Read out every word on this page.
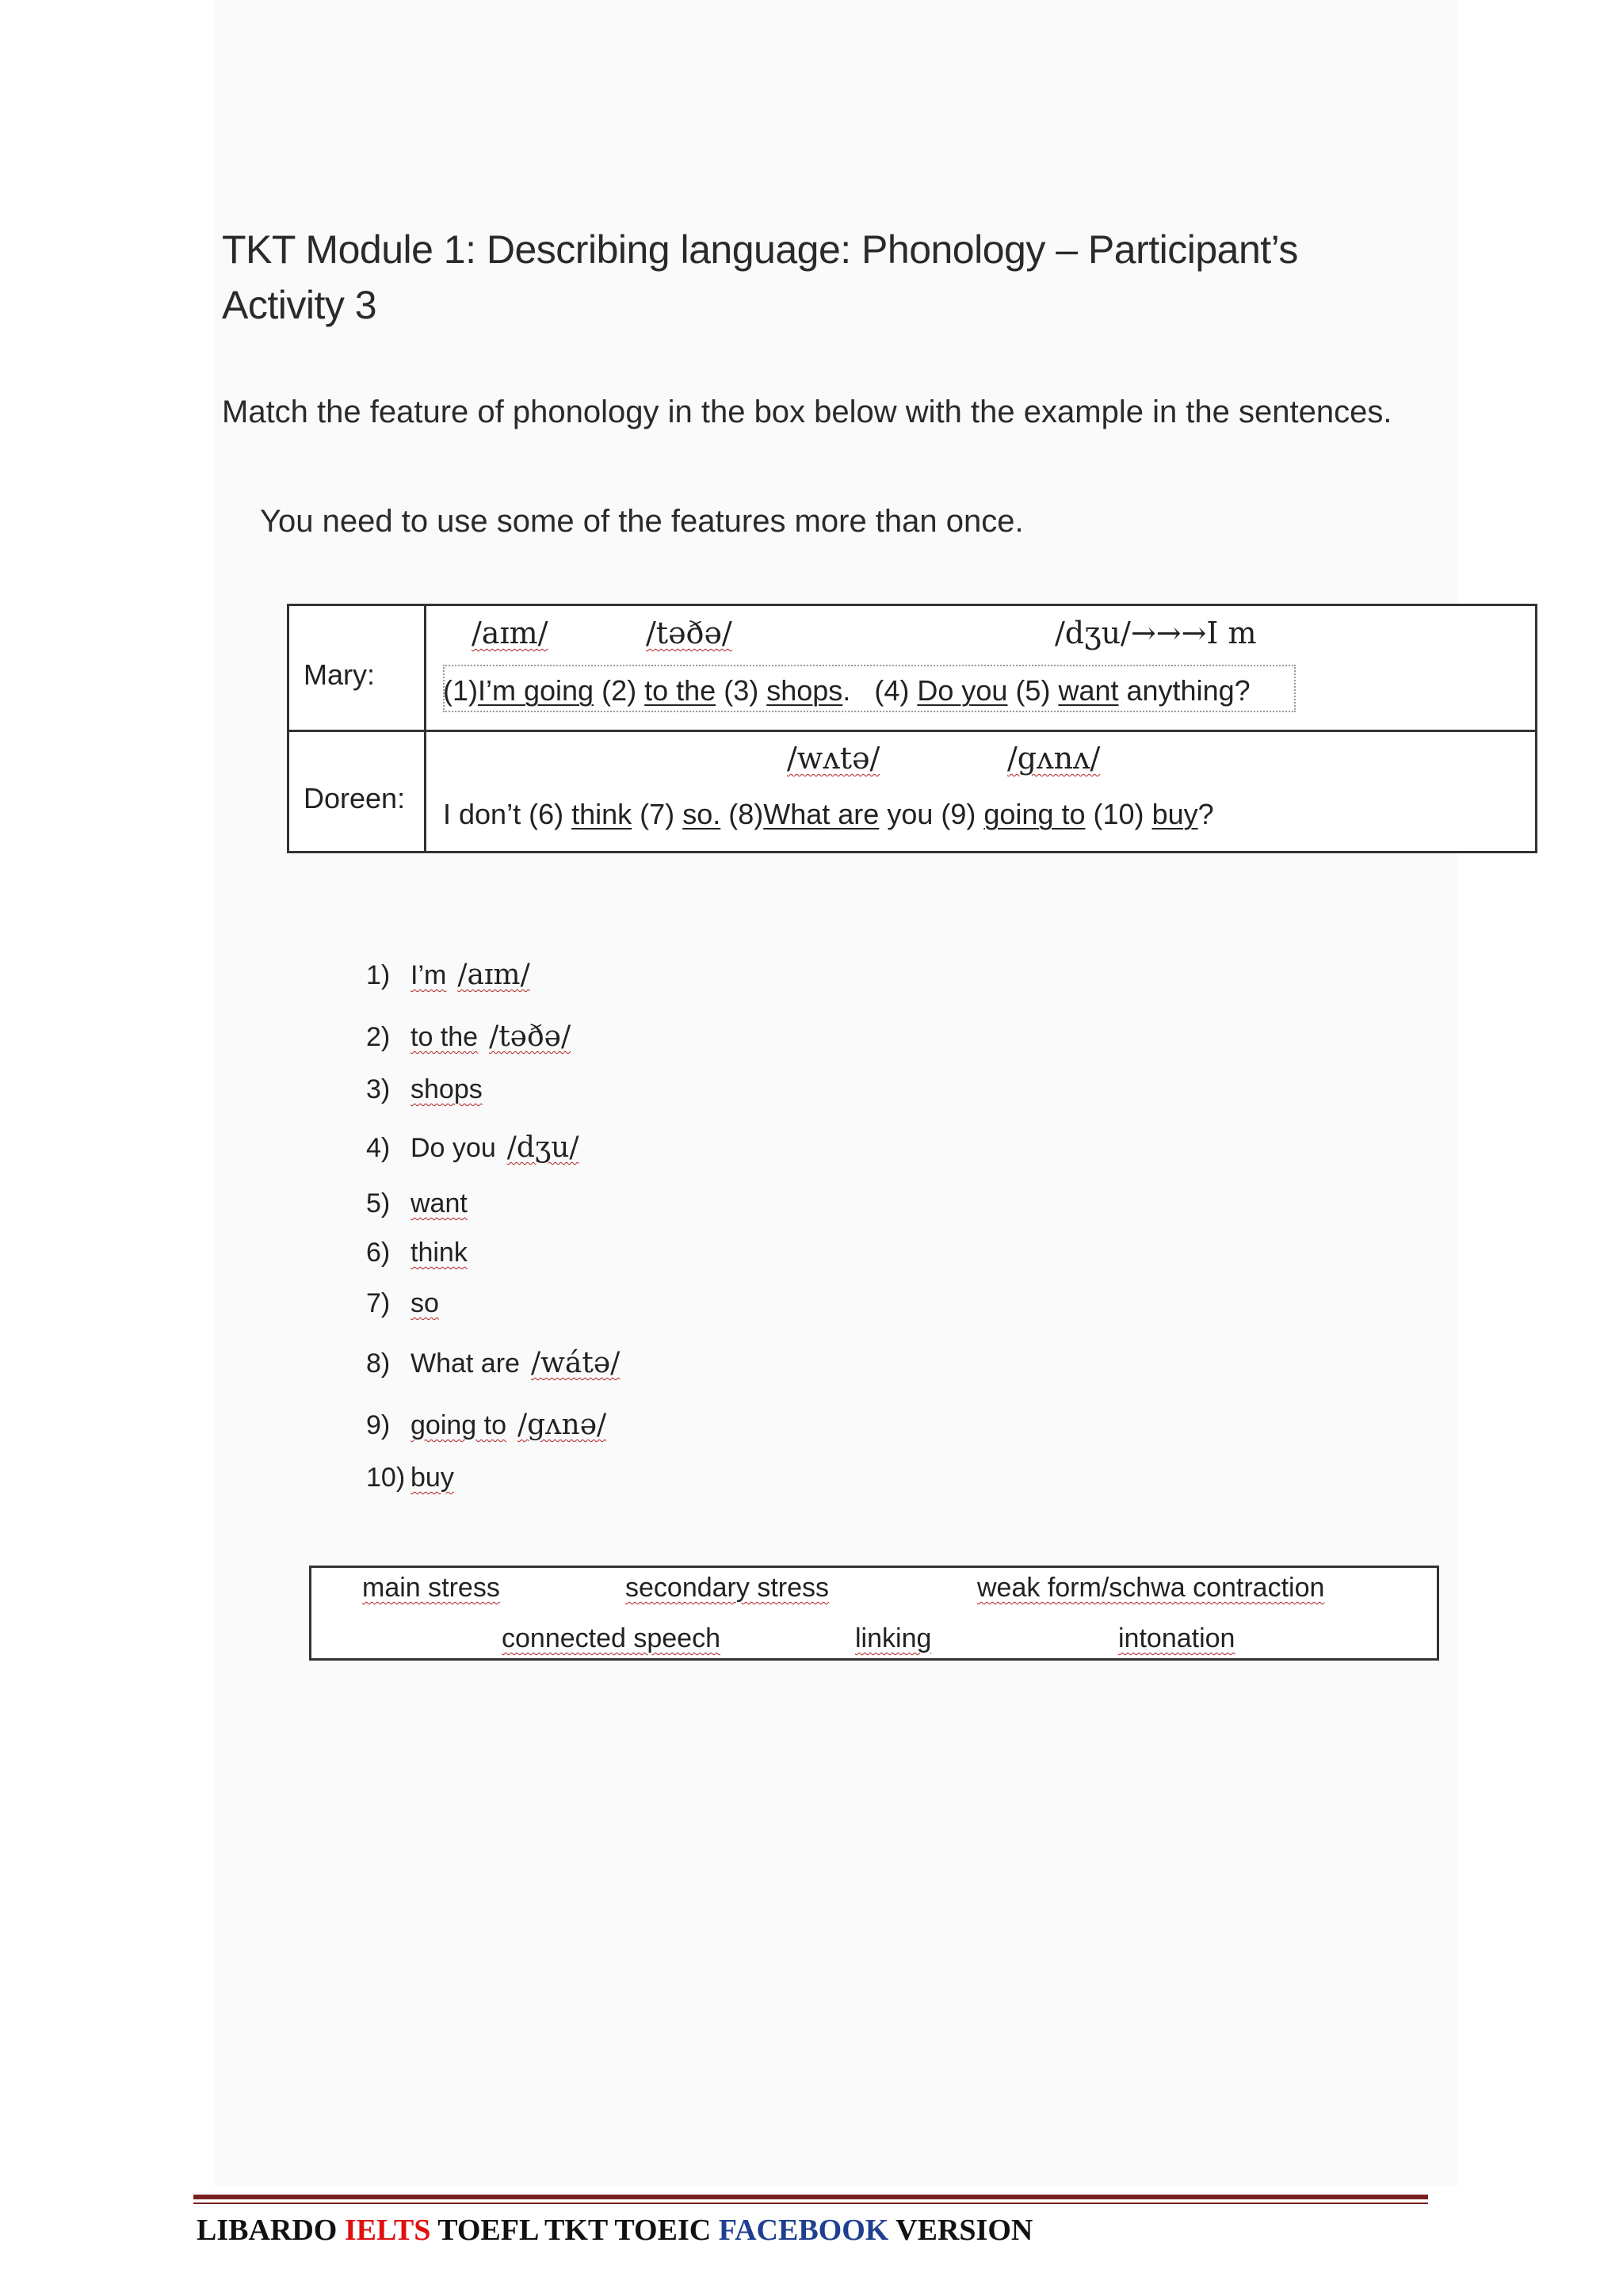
TKT Module 1: Describing language: Phonology – Participant’s
Activity 3
Match the feature of phonology in the box below with the example in the sentences.
You need to use some of the features more than once.
Mary:
/aɪm/	/təðə/	/dʒu/→→→I m
(1)I’m going (2) to the (3) shops. (4) Do you (5) want anything?
Doreen:
/wʌtə/	/gʌnʌ/
I don’t (6) think (7) so. (8)What are you (9) going to (10) buy?
1) I’m /aɪm/
2) to the /təðə/
3) shops
4) Do you /dʒu/
5) want
6) think
7) so
8) What are /wátə/
9) going to /gʌnə/
10) buy
main stress	secondary stress	weak form/schwa contraction
connected speech	linking	intonation
LIBARDO IELTS TOEFL TKT TOEIC FACEBOOK VERSION
